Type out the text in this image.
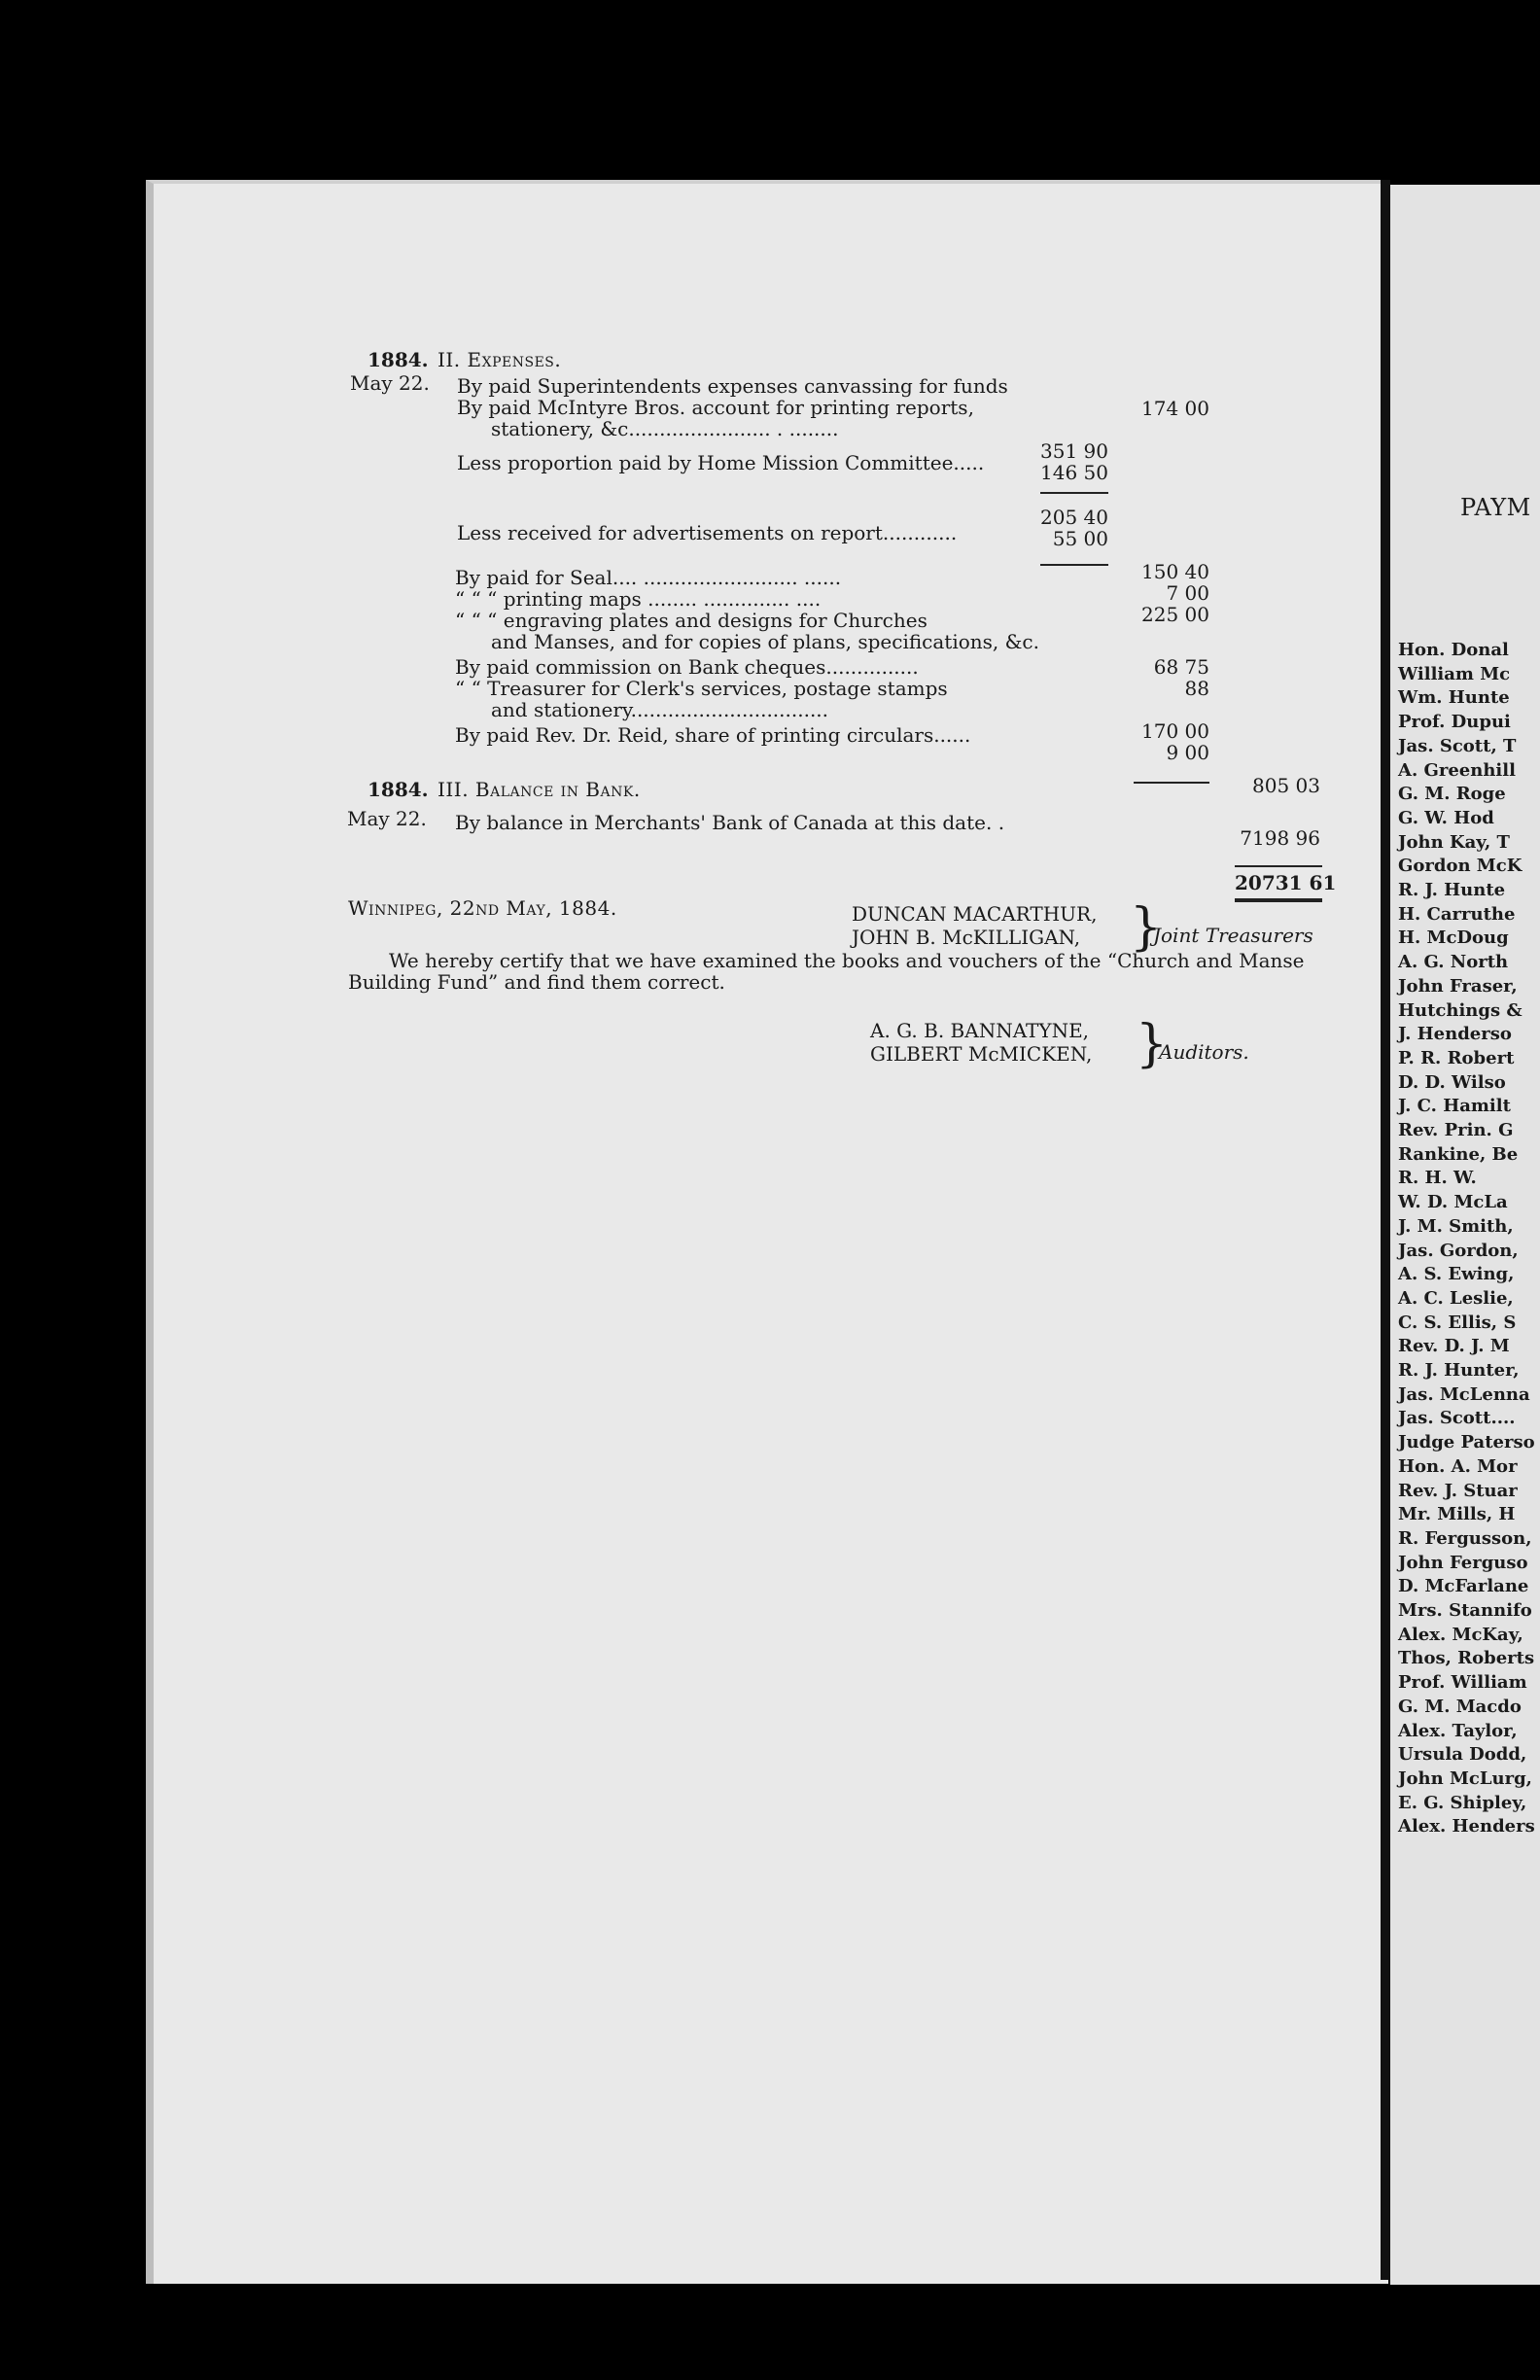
PAYM
Hon. Donal
William Mc
Wm. Hunte
Prof. Dupui
Jas. Scott, T
A. Greenhill
G. M. Roge
G. W. Hod
John Kay, T
Gordon McK
R. J. Hunte
H. Carruthe
H. McDoug
A. G. North
John Fraser,
Hutchings &
J. Henderso
P. R. Robert
D. D. Wilso
J. C. Hamilt
Rev. Prin. G
Rankine, Be
R. H. W.
W. D. McLa
J. M. Smith,
Jas. Gordon,
A. S. Ewing,
A. C. Leslie,
C. S. Ellis, S
Rev. D. J. M
R. J. Hunter,
Jas. McLenna
Jas. Scott....
Judge Paterso
Hon. A. Mor
Rev. J. Stuar
Mr. Mills, H
R. Fergusson,
John Ferguso
D. McFarlane
Mrs. Stannifo
Alex. McKay,
Thos, Roberts
Prof. William
G. M. Macdo
Alex. Taylor,
Ursula Dodd,
John McLurg,
E. G. Shipley,
Alex. Henders
1884. II. Expenses.
May 22. By paid Superintendents expenses canvassing for funds
By paid McIntyre Bros. account for printing reports,
stationery, &c....................... . ........
Less proportion paid by Home Mission Committee.....
Less received for advertisements on report............
By paid for Seal.... ......................... ......
“ “ “ printing maps ........ .............. ....
“ “ “ engraving plates and designs for Churches
and Manses, and for copies of plans, specifications, &c.
By paid commission on Bank cheques...............
“ “ Treasurer for Clerk's services, postage stamps
and stationery................................
By paid Rev. Dr. Reid, share of printing circulars......
351 90
146 50
205 40
55 00
174 00
150 40
7 00
225 00
68 75
88
170 00
9 00
805 03
1884. III. Balance in Bank.
May 22. By balance in Merchants' Bank of Canada at this date. .
7198 96
20731 61
Winnipeg, 22nd May, 1884.	DUNCAN MACARTHUR,
JOHN B. McKILLIGAN, }
Joint Treasurers
We hereby certify that we have examined the books and vouchers of the “Church and Manse
Building Fund” and find them correct.
A. G. B. BANNATYNE,
GILBERT McMICKEN, }
Auditors.
